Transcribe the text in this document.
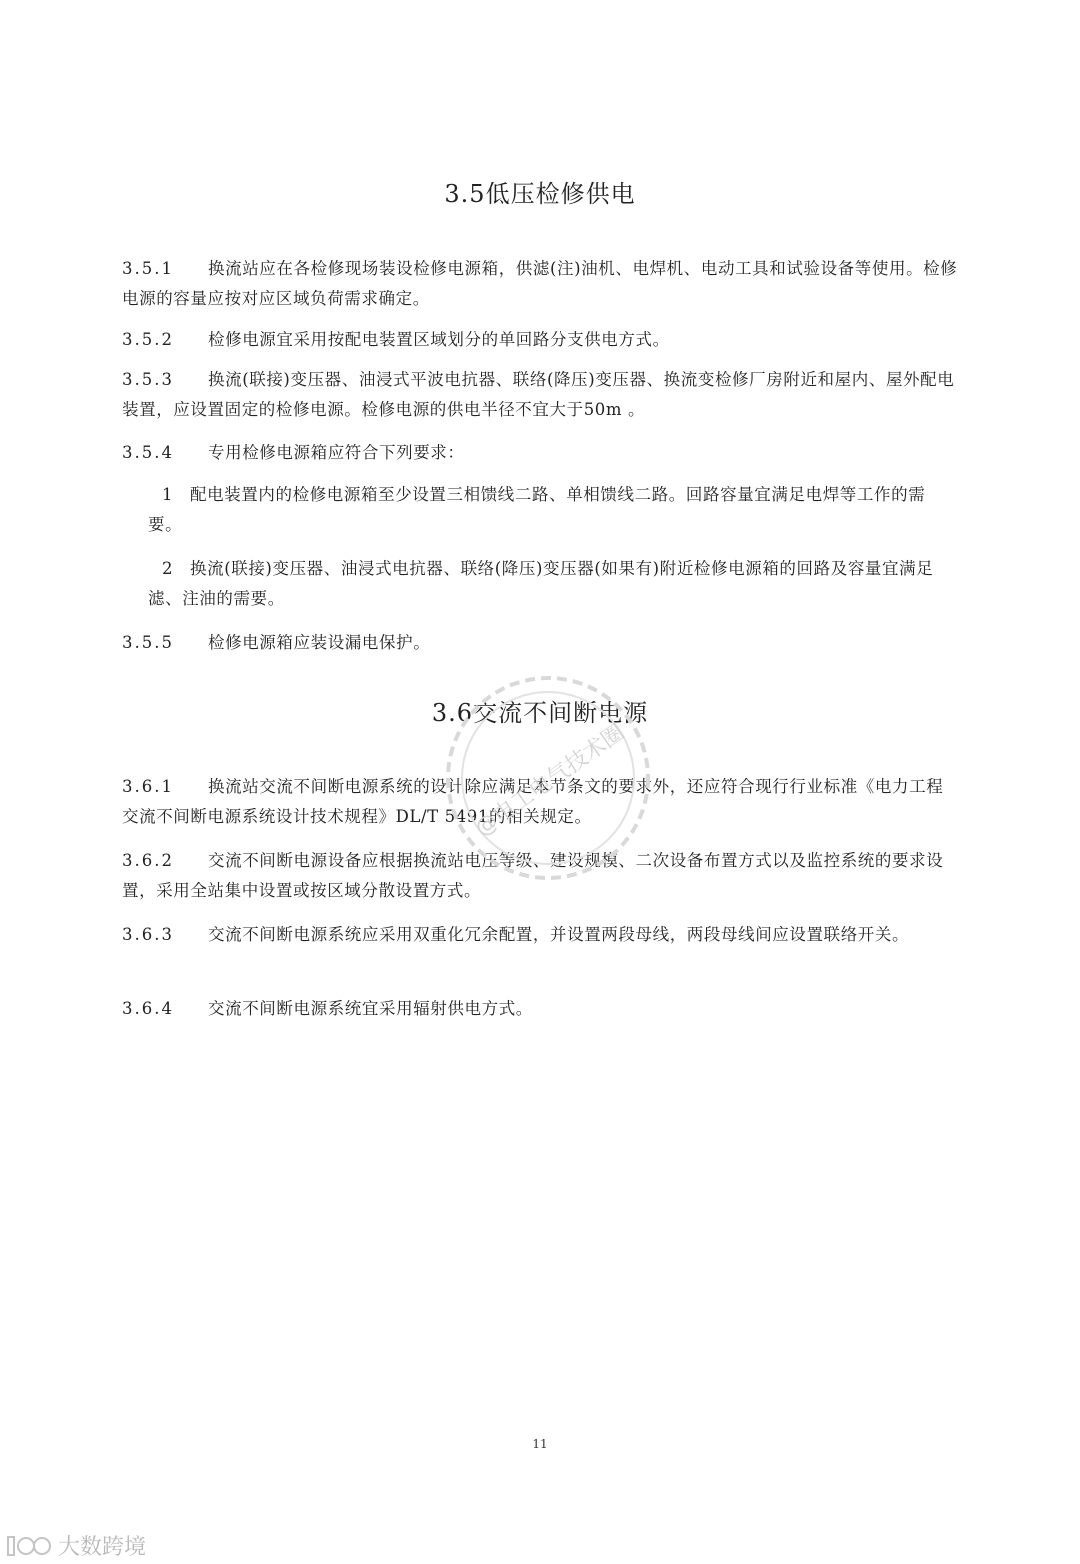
3.5低压检修供电
3.5.1 换流站应在各检修现场装设检修电源箱，供滤(注)油机、电焊机、电动工具和试验设备等使用。检修电源的容量应按对应区域负荷需求确定。
3.5.2 检修电源宜采用按配电装置区域划分的单回路分支供电方式。
3.5.3 换流(联接)变压器、油浸式平波电抗器、联络(降压)变压器、换流变检修厂房附近和屋内、屋外配电装置，应设置固定的检修电源。检修电源的供电半径不宜大于50m 。
3.5.4 专用检修电源箱应符合下列要求：
1 配电装置内的检修电源箱至少设置三相馈线二路、单相馈线二路。回路容量宜满足电焊等工作的需要。
2 换流(联接)变压器、油浸式电抗器、联络(降压)变压器(如果有)附近检修电源箱的回路及容量宜满足滤、注油的需要。
3.5.5 检修电源箱应装设漏电保护。
3.6交流不间断电源
3.6.1 换流站交流不间断电源系统的设计除应满足本节条文的要求外，还应符合现行行业标准《电力工程交流不间断电源系统设计技术规程》DL/T 5491的相关规定。
3.6.2 交流不间断电源设备应根据换流站电压等级、建设规模、二次设备布置方式以及监控系统的要求设置，采用全站集中设置或按区域分散设置方式。
3.6.3 交流不间断电源系统应采用双重化冗余配置，并设置两段母线，两段母线间应设置联络开关。
3.6.4 交流不间断电源系统宜采用辐射供电方式。
@电工电气技术圈
11
大数跨境
